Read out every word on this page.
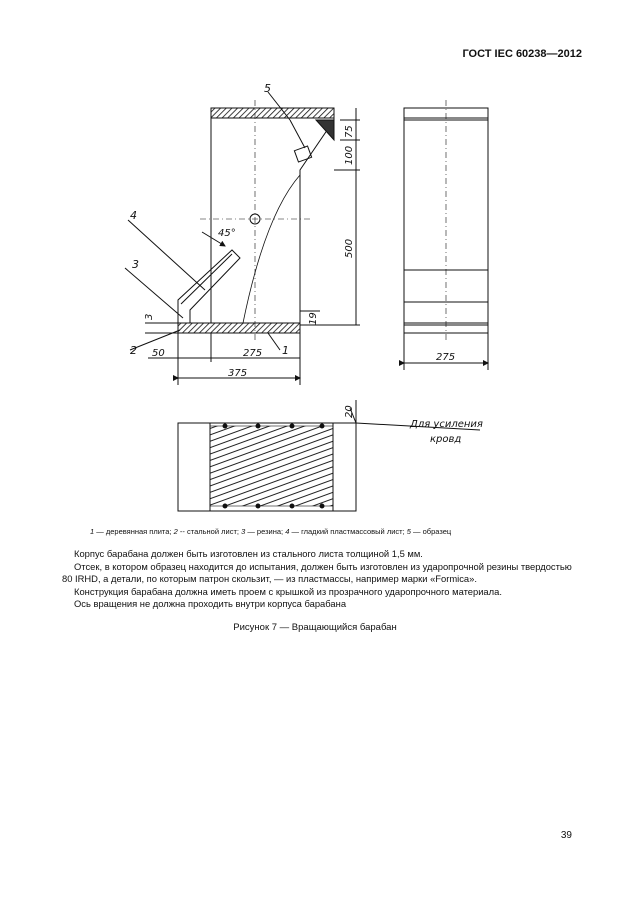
ГОСТ IEC 60238—2012
5
4
3
2	1
45°
75
100
500
19
3
50	275
375
275
20
Для усиления
кровд
1 — деревянная плита; 2 -- стальной лист; 3 — резина; 4 — гладкий пластмассовый лист; 5 — образец

Корпус барабана должен быть изготовлен из стального листа толщиной 1,5 мм.

Отсек, в котором образец находится до испытания, должен быть изготовлен из ударопрочной резины твердостью 80 IRHD, а детали, по которым патрон скользит, — из пластмассы, например марки «Formica».

Конструкция барабана должна иметь проем с крышкой из прозрачного ударопрочного материала.

Ось вращения не должна проходить внутри корпуса барабана

Рисунок 7 — Вращающийся барабан
39
